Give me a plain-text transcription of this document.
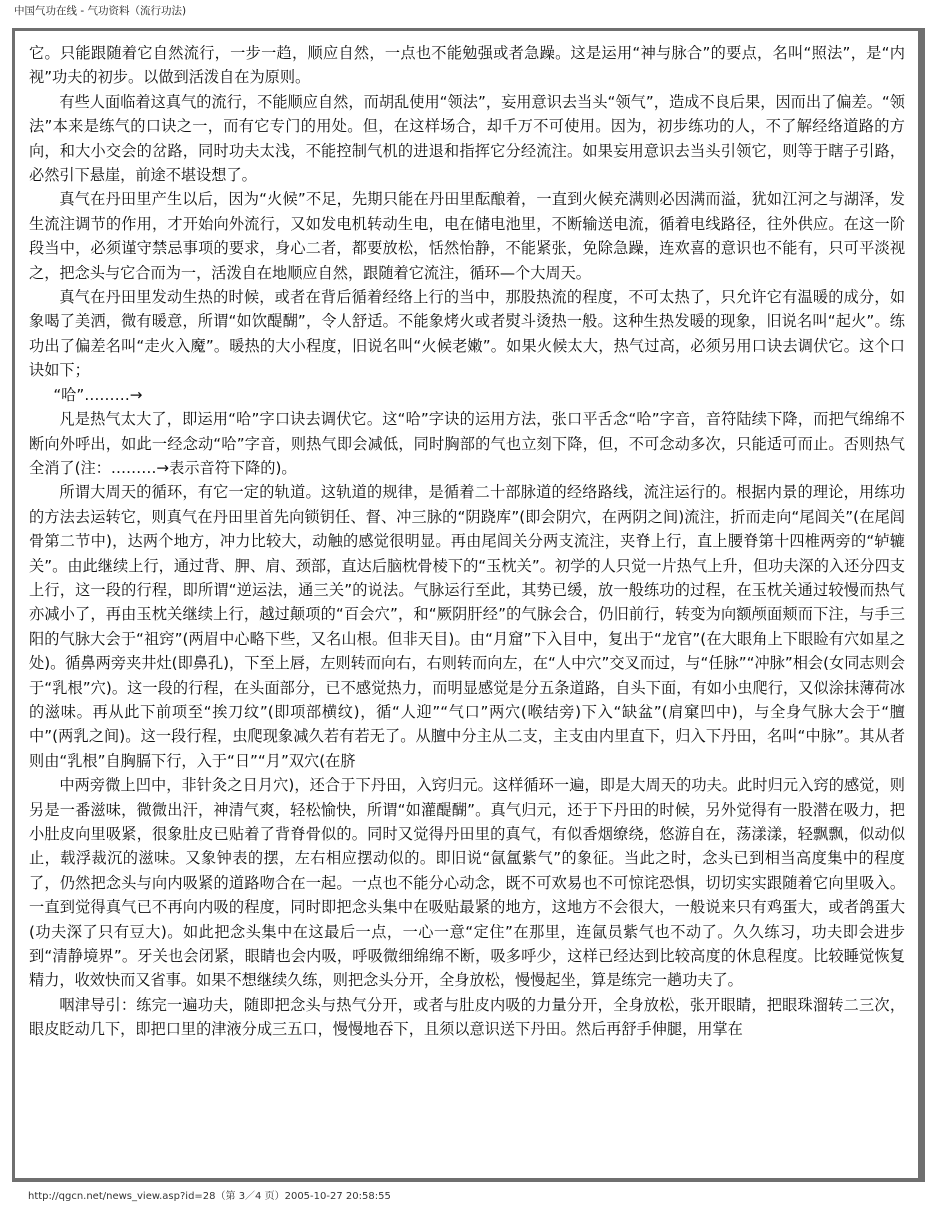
中国气功在线 - 气功资料（流行功法)

它。只能跟随着它自然流行，一步一趋，顺应自然，一点也不能勉强或者急躁。这是运用“神与脉合”的要点，名叫“照法”，是“内视”功夫的初步。以做到活泼自在为原则。

有些人面临着这真气的流行，不能顺应自然，而胡乱使用“领法”，妄用意识去当头“领气”，造成不良后果，因而出了偏差。“领法”本来是练气的口诀之一，而有它专门的用处。但，在这样场合，却千万不可使用。因为，初步练功的人，不了解经络道路的方向，和大小交会的岔路，同时功夫太浅，不能控制气机的进退和指挥它分经流注。如果妄用意识去当头引领它，则等于瞎子引路，必然引下悬崖，前途不堪设想了。

真气在丹田里产生以后，因为“火候”不足，先期只能在丹田里酝酿着，一直到火候充满则必因满而溢，犹如江河之与湖泽，发生流注调节的作用，才开始向外流行，又如发电机转动生电，电在储电池里，不断输送电流，循着电线路径，往外供应。在这一阶段当中，必须谨守禁忌事项的要求，身心二者，都要放松，恬然怡静，不能紧张，免除急躁，连欢喜的意识也不能有，只可平淡视之，把念头与它合而为一，活泼自在地顺应自然，跟随着它流注，循环—个大周天。

真气在丹田里发动生热的时候，或者在背后循着经络上行的当中，那股热流的程度，不可太热了，只允许它有温暖的成分，如象喝了美洒，微有暖意，所谓“如饮醍醐”，令人舒适。不能象烤火或者熨斗烫热一般。这种生热发暖的现象，旧说名叫“起火”。练功出了偏差名叫“走火入魔”。暖热的大小程度，旧说名叫“火候老嫩”。如果火候太大，热气过高，必须另用口诀去调伏它。这个口诀如下；

“哈”………→

凡是热气太大了，即运用“哈”字口诀去调伏它。这“哈”字诀的运用方法，张口平舌念“哈”字音，音符陆续下降，而把气绵绵不断向外呼出，如此一经念动“哈”字音，则热气即会减低，同时胸部的气也立刻下降，但，不可念动多次，只能适可而止。否则热气全消了(注：………→表示音符下降的)。

所谓大周天的循环，有它一定的轨道。这轨道的规律，是循着二十部脉道的经络路线，流注运行的。根据内景的理论，用练功的方法去运转它，则真气在丹田里首先向锁钥任、督、冲三脉的“阴跷库”(即会阴穴，在两阴之间)流注，折而走向“尾闾关”(在尾闾骨第二节中)，达两个地方，冲力比较大，动触的感觉很明显。再由尾闾关分两支流注，夹脊上行，直上腰脊第十四椎两旁的“轳辘关”。由此继续上行，通过背、胛、肩、颈部，直达后脑枕骨棱下的“玉枕关”。初学的人只觉一片热气上升，但功夫深的入还分四支上行，这一段的行程，即所谓“逆运法，通三关”的说法。气脉运行至此，其势已缓，放一般练功的过程，在玉枕关通过较慢而热气亦减小了，再由玉枕关继续上行，越过颠项的“百会穴”，和“厥阴肝经”的气脉会合，仍旧前行，转变为向额颅面颊而下注，与手三阳的气脉大会于“祖窍”(两眉中心略下些，又名山根。但非天目)。由“月窟”下入目中，复出于“龙官”(在大眼角上下眼睑有穴如星之处)。循鼻两旁夹井灶(即鼻孔)，下至上唇，左则转而向右，右则转而向左，在“人中穴”交叉而过，与“任脉”“冲脉”相会(女同志则会于“乳根”穴)。这一段的行程，在头面部分，已不感觉热力，而明显感觉是分五条道路，自头下面，有如小虫爬行，又似涂抹薄荷冰的滋味。再从此下前项至“挨刀纹”(即项部横纹)，循“人迎”“气口”两穴(喉结旁)下入“缺盆”(肩窠凹中)，与全身气脉大会于“膻中”(两乳之间)。这一段行程，虫爬现象减久若有若无了。从膻中分主从二支，主支由内里直下，归入下丹田，名叫“中脉”。其从者则由“乳根”自胸膈下行，入于“日”“月”双穴(在脐

中两旁微上凹中，非针灸之日月穴)，还合于下丹田，入窍归元。这样循环一遍，即是大周天的功夫。此时归元入窍的感觉，则另是一番滋味，微微出汗，神清气爽，轻松愉快，所谓“如灌醍醐”。真气归元，还于下丹田的时候，另外觉得有一股潜在吸力，把小肚皮向里吸紧，很象肚皮已贴着了背脊骨似的。同时又觉得丹田里的真气，有似香烟缭绕，悠游自在，荡漾漾，轻飘飘，似动似止，载浮裁沉的滋味。又象钟表的摆，左右相应摆动似的。即旧说“氤氲紫气”的象征。当此之时，念头已到相当高度集中的程度了，仍然把念头与向内吸紧的道路吻合在一起。一点也不能分心动念，既不可欢易也不可惊诧恐惧，切切实实跟随着它向里吸入。一直到觉得真气已不再向内吸的程度，同时即把念头集中在吸贴最紧的地方，这地方不会很大，一般说来只有鸡蛋大，或者鸽蛋大(功夫深了只有豆大)。如此把念头集中在这最后一点，一心一意“定住”在那里，连氤员紫气也不动了。久久练习，功夫即会进步到“清静境界”。牙关也会闭紧，眼睛也会内吸，呼吸微细绵绵不断，吸多呼少，这样已经达到比较高度的休息程度。比较睡觉恢复精力，收效快而又省事。如果不想继续久练，则把念头分开，全身放松，慢慢起坐，算是练完一趟功夫了。

咽津导引：练完一遍功夫，随即把念头与热气分开，或者与肚皮内吸的力量分开，全身放松，张开眼睛，把眼珠溜转二三次，眼皮眨动几下，即把口里的津液分成三五口，慢慢地吞下，且须以意识送下丹田。然后再舒手伸腿，用掌在

http://qgcn.net/news_view.asp?id=28（第 3／4 页）2005-10-27 20:58:55
